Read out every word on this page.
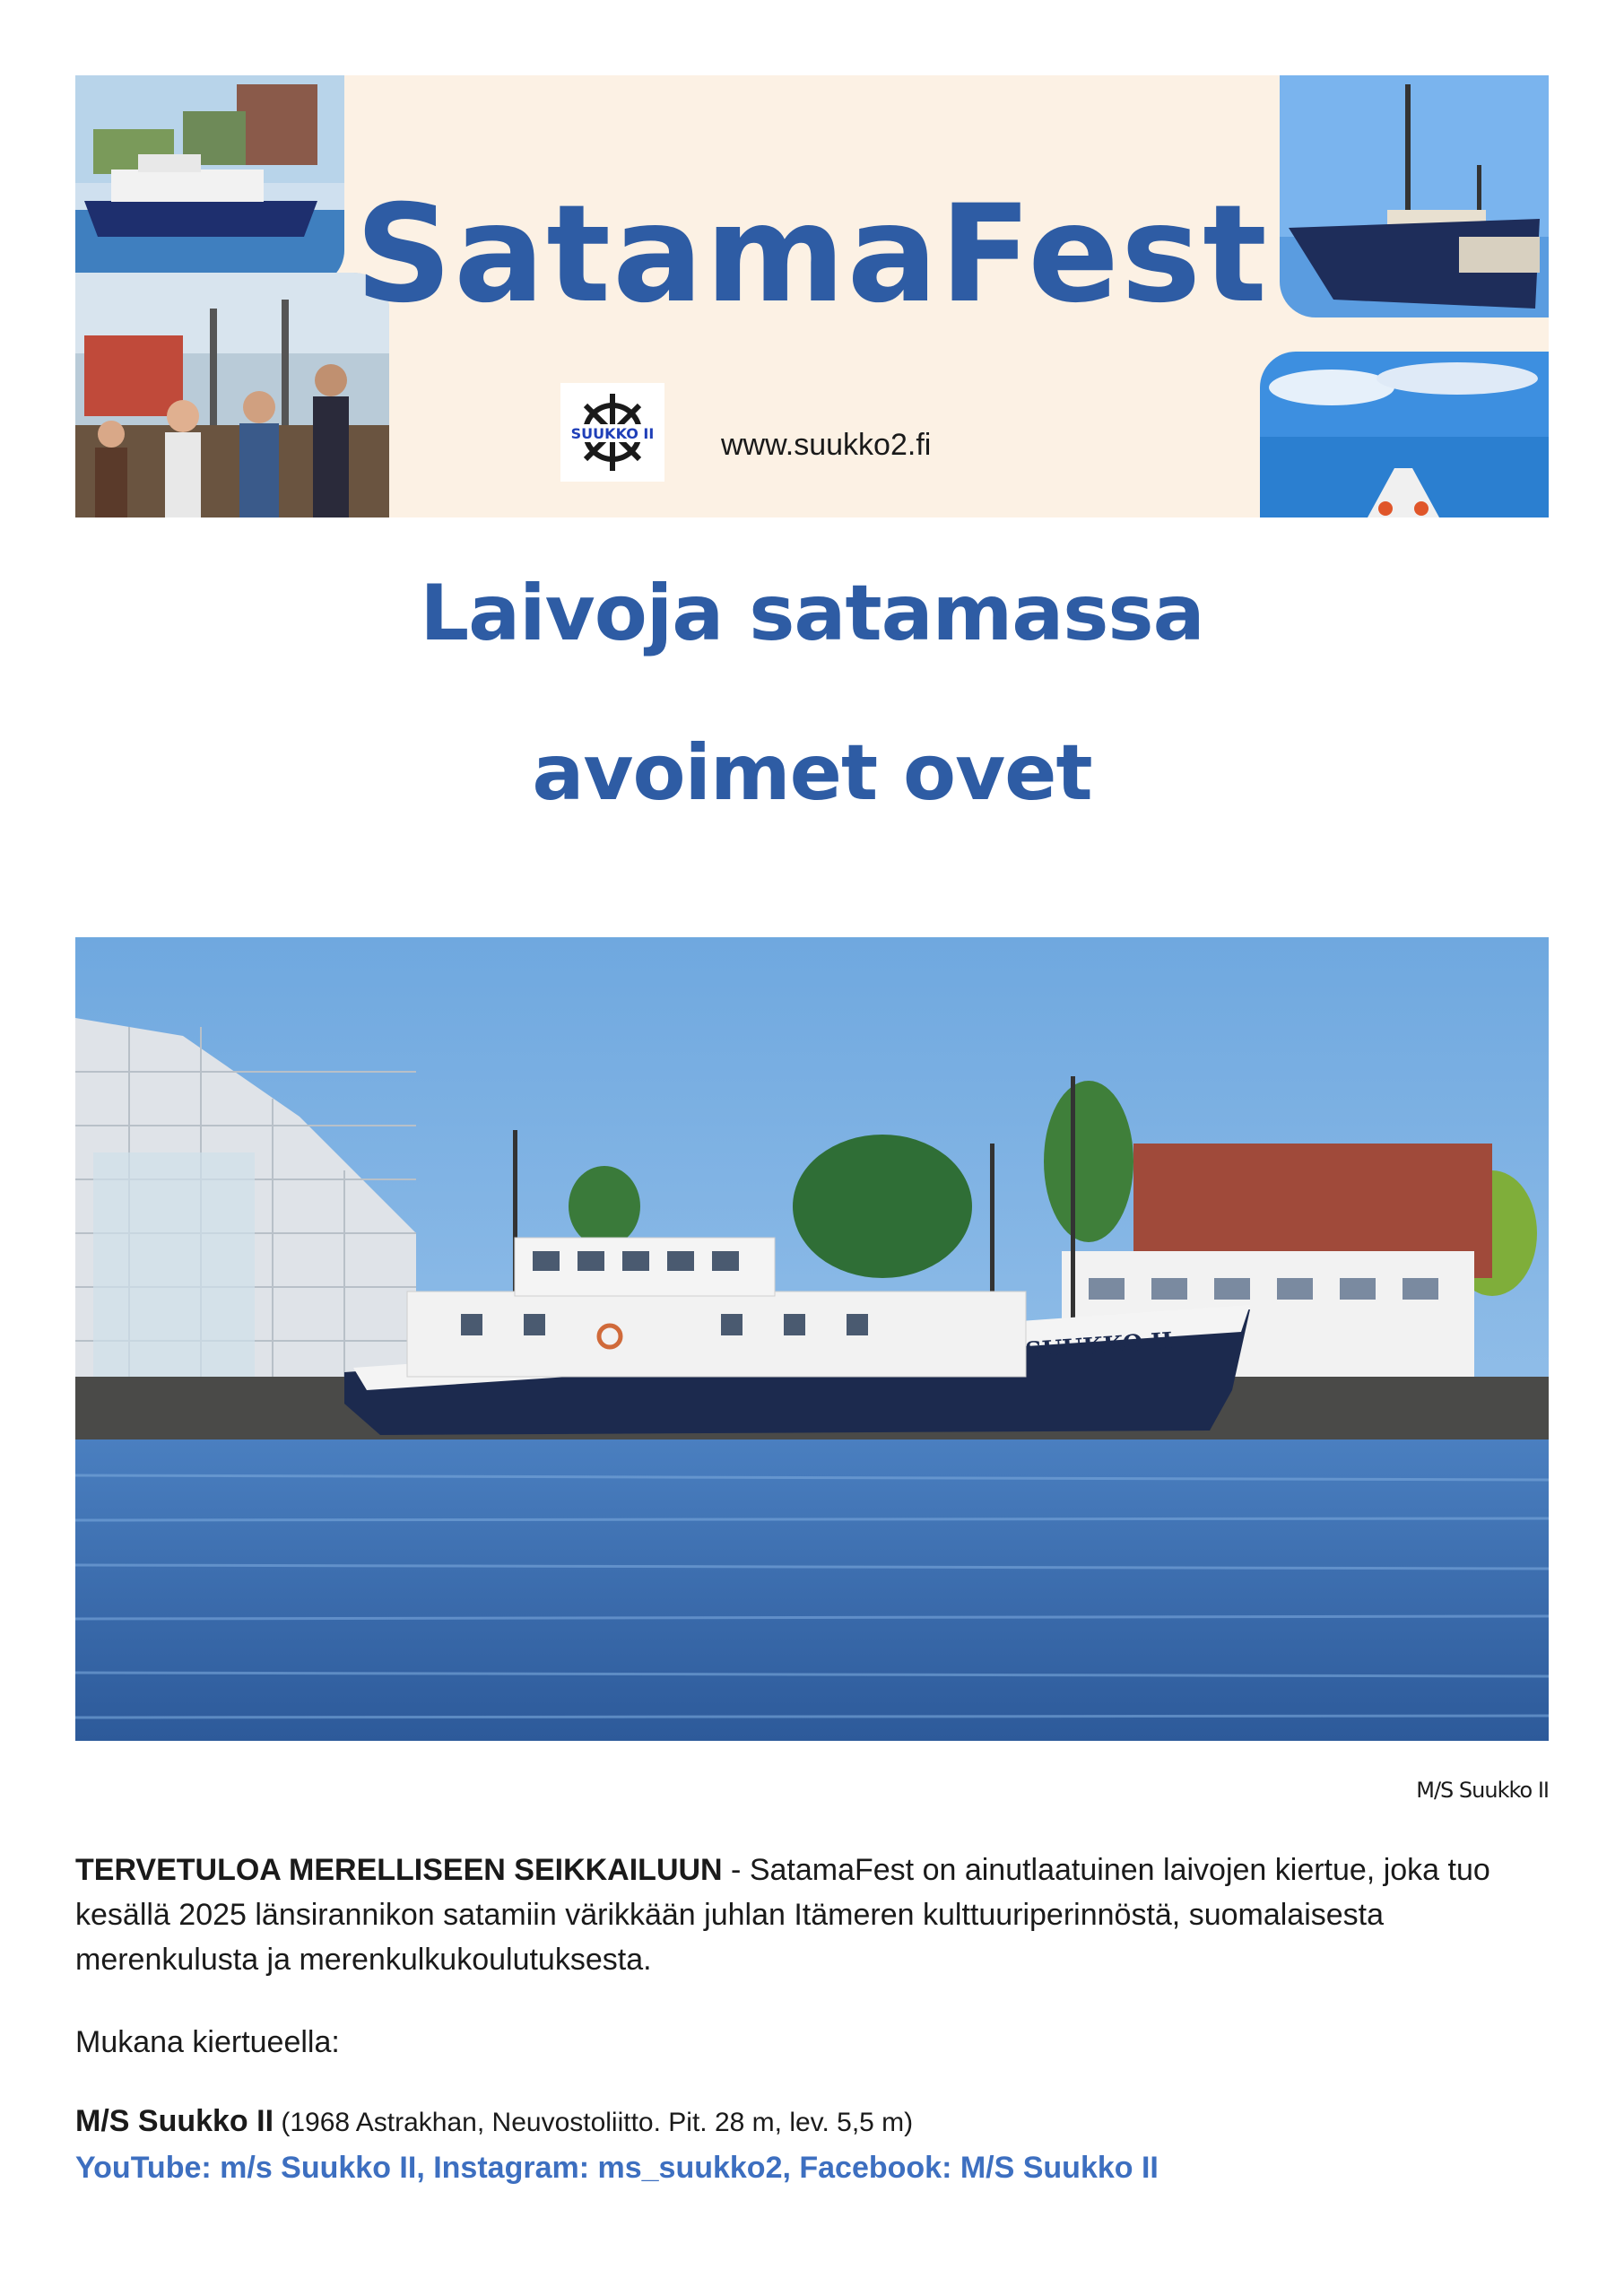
SatamaFest
SUUKKO II www.suukko2.fi
Laivoja satamassa
avoimet ovet
SUUKKO II
M/S Suukko II
TERVETULOA MERELLISEEN SEIKKAILUUN - SatamaFest on ainutlaatuinen laivojen kiertue, joka tuo kesällä 2025 länsirannikon satamiin värikkään juhlan Itämeren kulttuuriperinnöstä, suomalaisesta merenkulusta ja merenkulkukoulutuksesta.
Mukana kiertueella:
M/S Suukko II (1968 Astrakhan, Neuvostoliitto. Pit. 28 m, lev. 5,5 m)
YouTube: m/s Suukko II, Instagram: ms_suukko2, Facebook: M/S Suukko II
